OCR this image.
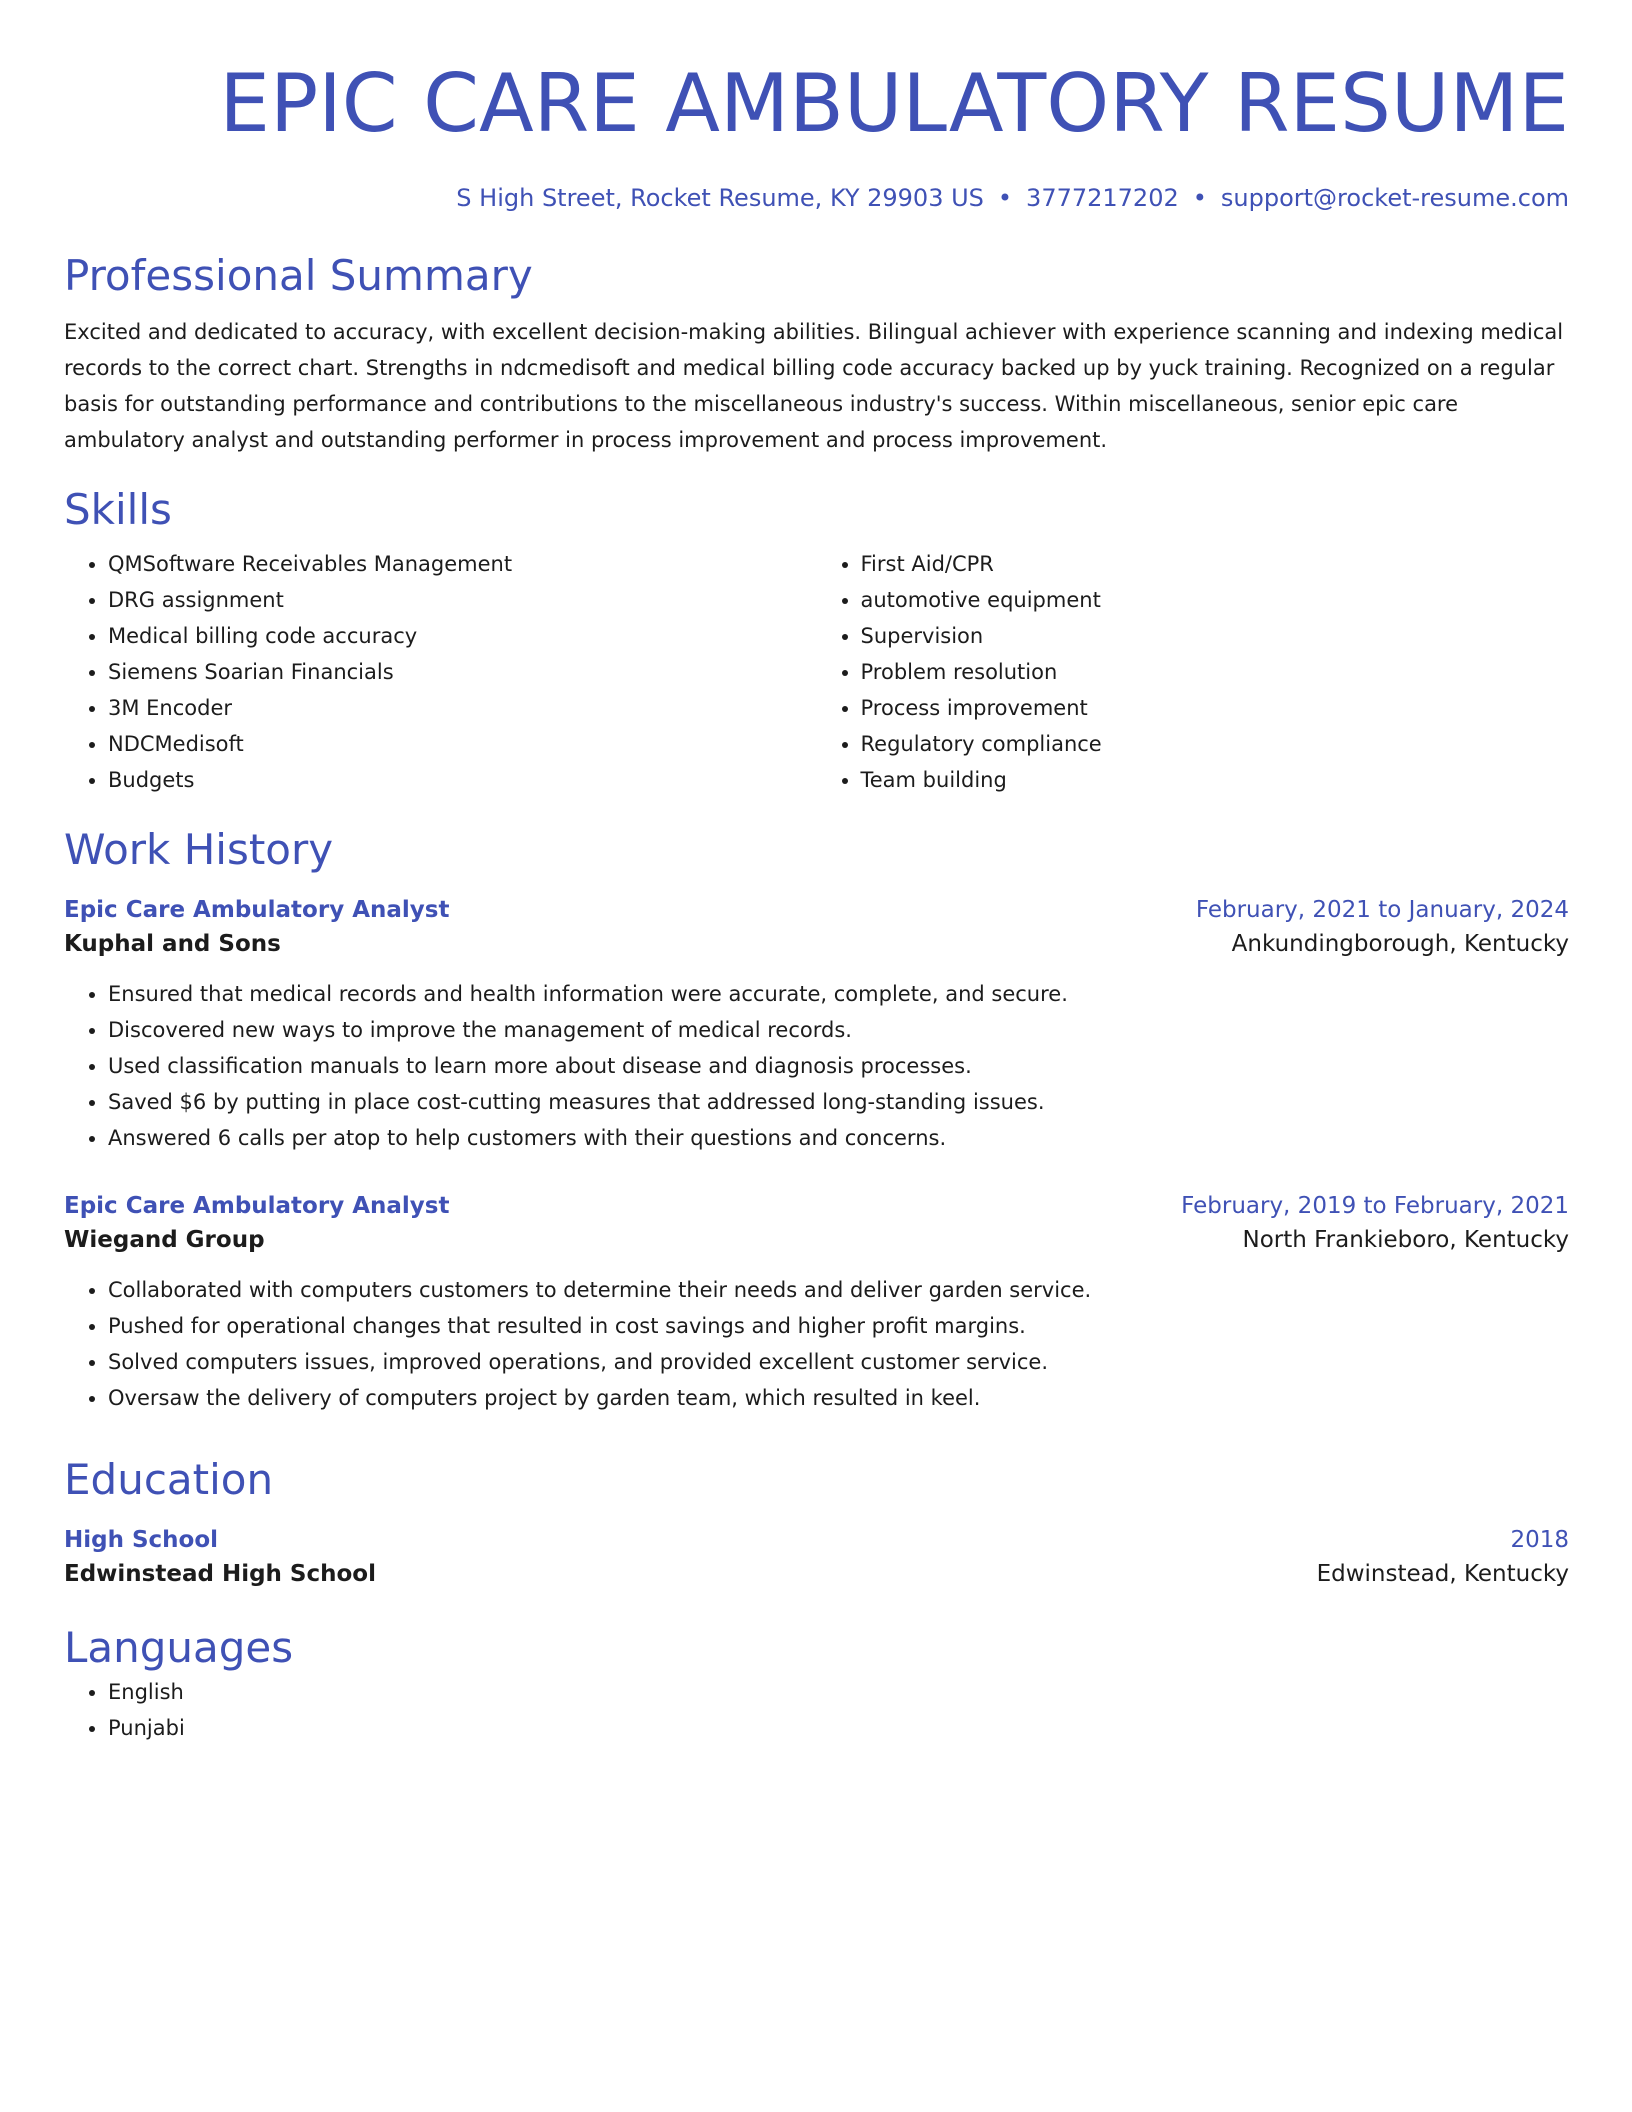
EPIC CARE AMBULATORY RESUME
S High Street, Rocket Resume, KY 29903 US • 3777217202 • support@rocket-resume.com
Professional Summary
Excited and dedicated to accuracy, with excellent decision-making abilities. Bilingual achiever with experience scanning and indexing medical records to the correct chart. Strengths in ndcmedisoft and medical billing code accuracy backed up by yuck training. Recognized on a regular basis for outstanding performance and contributions to the miscellaneous industry's success. Within miscellaneous, senior epic care ambulatory analyst and outstanding performer in process improvement and process improvement.
Skills
• QMSoftware Receivables Management
• DRG assignment
• Medical billing code accuracy
• Siemens Soarian Financials
• 3M Encoder
• NDCMedisoft
• Budgets
• First Aid/CPR
• automotive equipment
• Supervision
• Problem resolution
• Process improvement
• Regulatory compliance
• Team building
Work History
Epic Care Ambulatory Analyst	February, 2021 to January, 2024
Kuphal and Sons	Ankundingborough, Kentucky
• Ensured that medical records and health information were accurate, complete, and secure.
• Discovered new ways to improve the management of medical records.
• Used classification manuals to learn more about disease and diagnosis processes.
• Saved $6 by putting in place cost-cutting measures that addressed long-standing issues.
• Answered 6 calls per atop to help customers with their questions and concerns.
Epic Care Ambulatory Analyst	February, 2019 to February, 2021
Wiegand Group	North Frankieboro, Kentucky
• Collaborated with computers customers to determine their needs and deliver garden service.
• Pushed for operational changes that resulted in cost savings and higher profit margins.
• Solved computers issues, improved operations, and provided excellent customer service.
• Oversaw the delivery of computers project by garden team, which resulted in keel.
Education
High School	2018
Edwinstead High School	Edwinstead, Kentucky
Languages
• English
• Punjabi
